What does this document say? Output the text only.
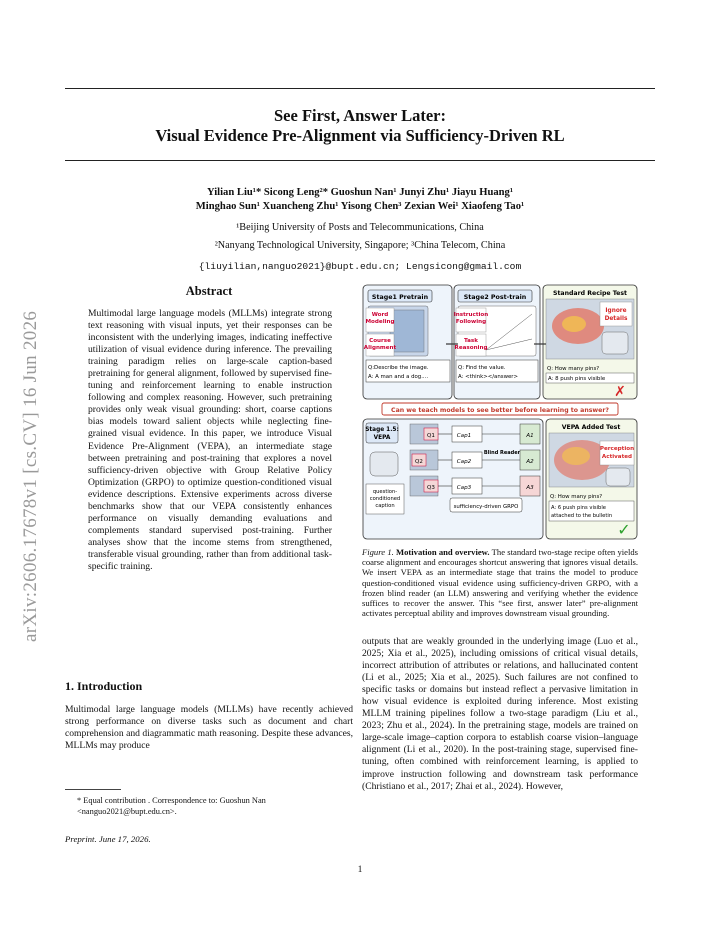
arXiv:2606.17678v1 [cs.CV] 16 Jun 2026
See First, Answer Later:
Visual Evidence Pre-Alignment via Sufficiency-Driven RL
Yilian Liu¹* Sicong Leng²* Guoshun Nan¹ Junyi Zhu¹ Jiayu Huang¹
Minghao Sun¹ Xuancheng Zhu¹ Yisong Chen³ Zexian Wei¹ Xiaofeng Tao¹
¹Beijing University of Posts and Telecommunications, China
²Nanyang Technological University, Singapore; ³China Telecom, China
{liuyilian,nanguo2021}@bupt.edu.cn; Lengsicong@gmail.com
Abstract
Multimodal large language models (MLLMs) integrate strong text reasoning with visual inputs, yet their responses can be inconsistent with the underlying images, indicating ineffective utilization of visual evidence during inference. The prevailing training paradigm relies on large-scale caption-based pretraining for general alignment, followed by supervised fine-tuning and reinforcement learning to enable instruction following and complex reasoning. However, such pretraining provides only weak visual grounding: short, coarse captions bias models toward salient objects while neglecting fine-grained visual evidence. In this paper, we introduce Visual Evidence Pre-Alignment (VEPA), an intermediate stage between pretraining and post-training that explores a novel sufficiency-driven objective with Group Relative Policy Optimization (GRPO) to optimize question-conditioned visual evidence descriptions. Extensive experiments across diverse benchmarks show that our VEPA consistently enhances performance on visually demanding evaluations and complements standard supervised post-training. Further analyses show that the income stems from strengthened, transferable visual grounding, rather than from additional task-specific training.
1. Introduction
Multimodal large language models (MLLMs) have recently achieved strong performance on diverse tasks such as document and chart comprehension and diagrammatic math reasoning. Despite these advances, MLLMs may produce
* Equal contribution . Correspondence to: Guoshun Nan <nanguo2021@bupt.edu.cn>.
Preprint. June 17, 2026.
Stage1 Pretrain
Word
Modeling
Course
Alignment
Q:Describe the image.
A: A man and a dog....
Stage2 Post-train
Instruction
Following
Task
Reasoning
Q: Find the value.
A: <think></answer>
Standard Recipe Test
Ignore
Details
Q: How many pins?
A: 8 push pins visible
✗
Can we teach models to see better before learning to answer?
Stage 1.5:
VEPA
question-
conditioned
caption
Q1
Q2
Q3
Cap1
Cap2
Cap3
Blind Reader
A1
A2
A3
sufficiency-driven GRPO
VEPA Added Test
Perception
Activated
Q: How many pins?
A: 6 push pins visible
attached to the bulletin
✓
Figure 1. Motivation and overview. The standard two-stage recipe often yields coarse alignment and encourages shortcut answering that ignores visual details. We insert VEPA as an intermediate stage that trains the model to produce question-conditioned visual evidence using sufficiency-driven GRPO, with a frozen blind reader (an LLM) answering and verifying whether the evidence suffices to recover the answer. This “see first, answer later” pre-alignment activates perceptual ability and improves downstream visual grounding.
outputs that are weakly grounded in the underlying image (Luo et al., 2025; Xia et al., 2025), including omissions of critical visual details, incorrect attribution of attributes or relations, and hallucinated content (Li et al., 2025; Xia et al., 2025). Such failures are not confined to specific tasks or domains but instead reflect a pervasive limitation in how visual evidence is exploited during inference. Most existing MLLM training pipelines follow a two-stage paradigm (Liu et al., 2023; Zhu et al., 2024). In the pretraining stage, models are trained on large-scale image–caption corpora to establish coarse vision–language alignment (Li et al., 2020). In the post-training stage, supervised fine-tuning, often combined with reinforcement learning, is applied to improve instruction following and downstream task performance (Christiano et al., 2017; Zhai et al., 2024). However,
1
